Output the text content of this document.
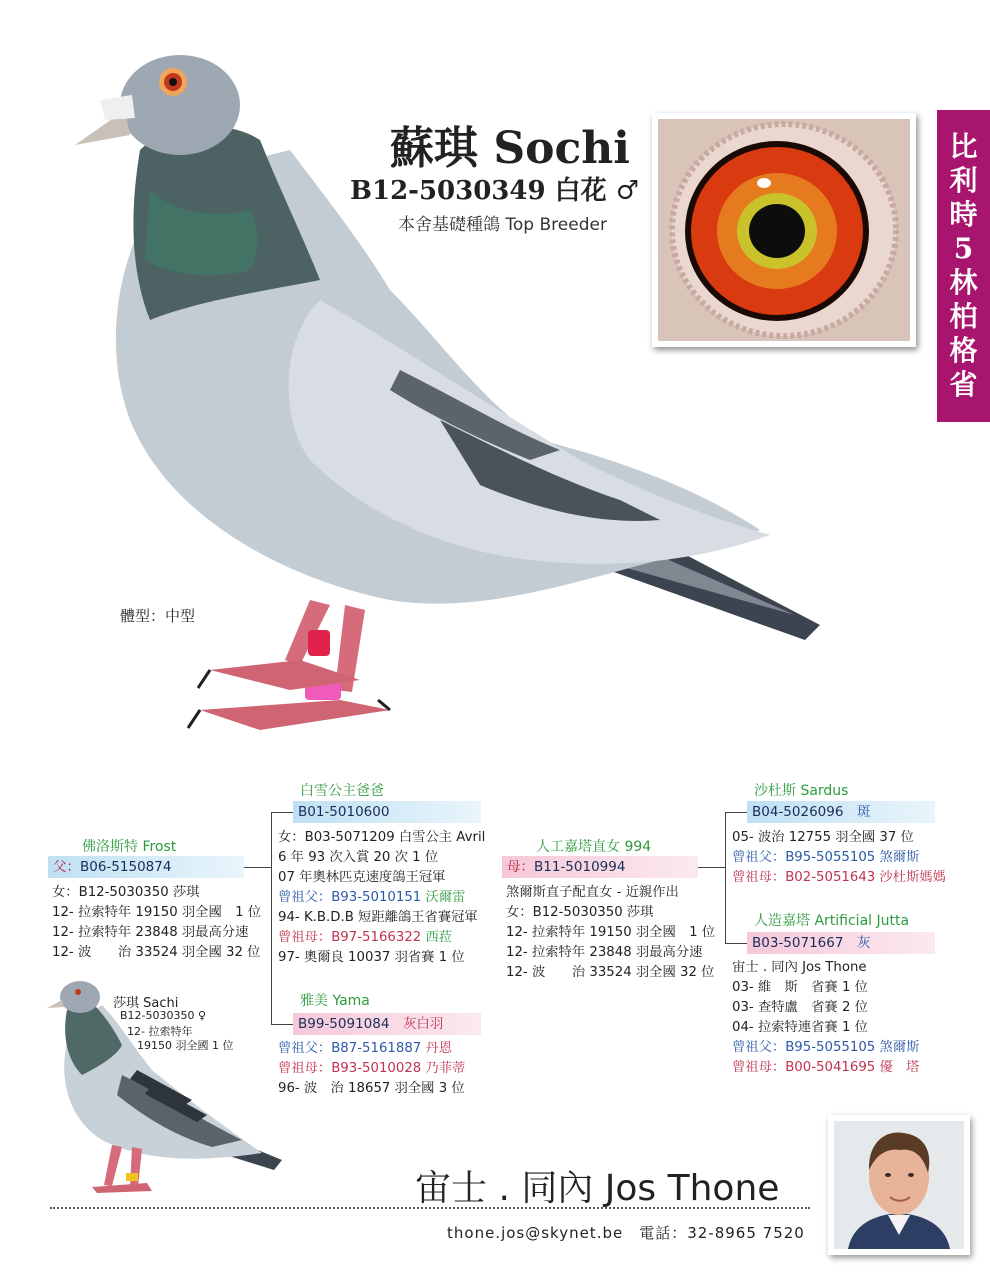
蘇琪 Sochi
B12-5030349 白花 ♂
本舍基礎種鴿 Top Breeder
比
利
時
5
林
柏
格
省
體型：中型
佛洛斯特 Frost
父：B06-5150874
女：B12-5030350 莎琪
12- 拉索特年 19150 羽全國　1 位
12- 拉索特年 23848 羽最高分速
12- 波　　治 33524 羽全國 32 位
白雪公主爸爸
B01-5010600
女：B03-5071209 白雪公主 Avril
6 年 93 次入賞 20 次 1 位
07 年奧林匹克速度鴿王冠軍
曾祖父：B93-5010151 沃爾雷
94- K.B.D.B 短距離鴿王省賽冠軍
曾祖母：B97-5166322 西菈
97- 奧爾良 10037 羽省賽 1 位
雅美 Yama
B99-5091084　 灰白羽
曾祖父：B87-5161887 丹恩
曾祖母：B93-5010028 乃菲蒂
96- 波　治 18657 羽全國 3 位
人工嘉塔直女 994
母：B11-5010994
煞爾斯直子配直女 - 近親作出
女：B12-5030350 莎琪
12- 拉索特年 19150 羽全國　1 位
12- 拉索特年 23848 羽最高分速
12- 波　　治 33524 羽全國 32 位
沙杜斯 Sardus
B04-5026096　 斑
05- 波治 12755 羽全國 37 位
曾祖父：B95-5055105 煞爾斯
曾祖母：B02-5051643 沙杜斯媽媽
人造嘉塔 Artificial Jutta
B03-5071667　 灰
宙士 . 同內 Jos Thone
03- 維　斯　省賽 1 位
03- 查特盧　省賽 2 位
04- 拉索特連省賽 1 位
曾祖父：B95-5055105 煞爾斯
曾祖母：B00-5041695 優　塔
莎琪 Sachi
B12-5030350 ♀
12- 拉索特年
19150 羽全國 1 位
宙士 . 同內 Jos Thone
thone.jos@skynet.be　電話：32-8965 7520
